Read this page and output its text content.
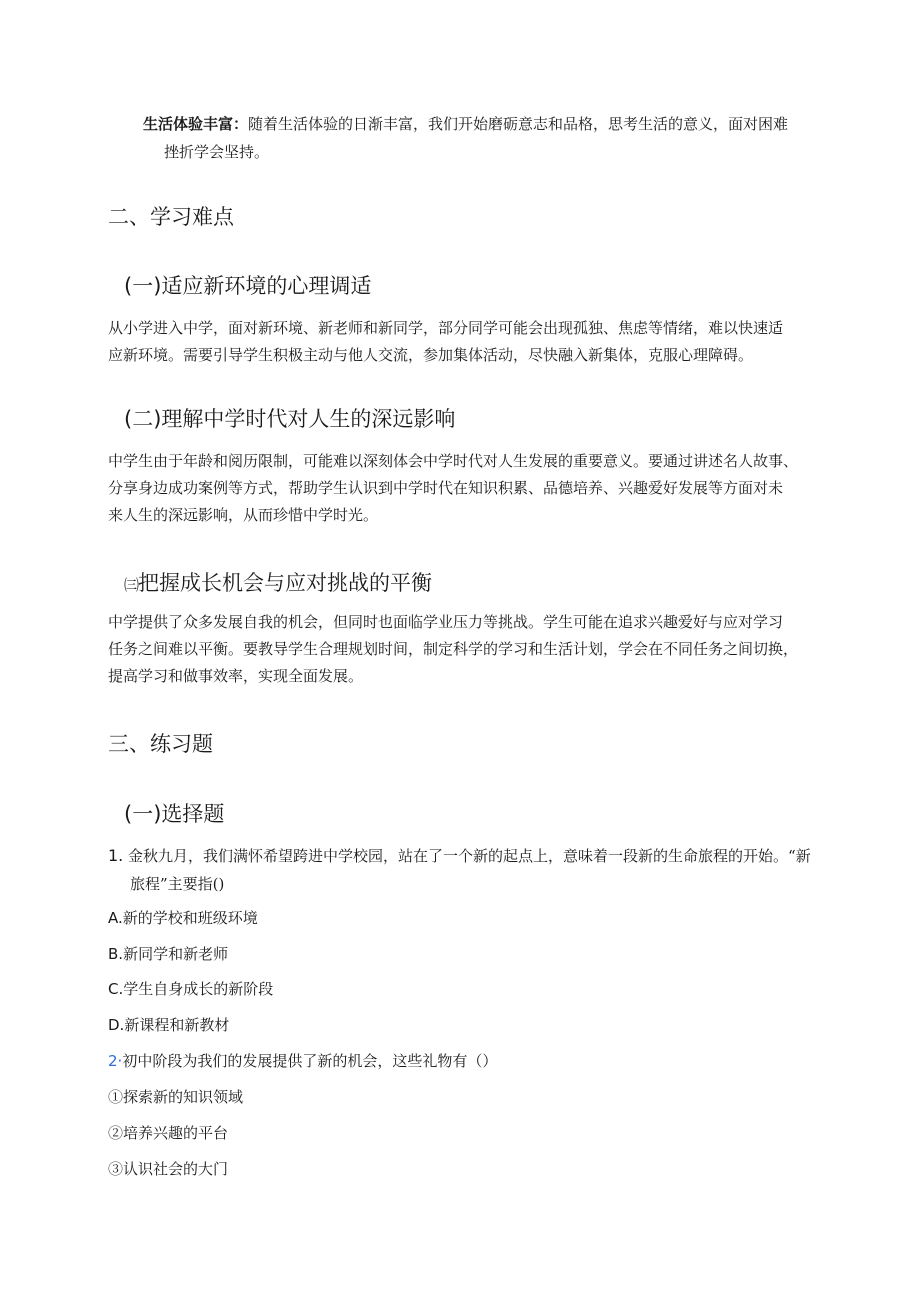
生活体验丰富：随着生活体验的日渐丰富，我们开始磨砺意志和品格，思考生活的意义，面对困难
挫折学会坚持。
二、学习难点
(一)适应新环境的心理调适
从小学进入中学，面对新环境、新老师和新同学，部分同学可能会出现孤独、焦虑等情绪，难以快速适
应新环境。需要引导学生积极主动与他人交流，参加集体活动，尽快融入新集体，克服心理障碍。
(二)理解中学时代对人生的深远影响
中学生由于年龄和阅历限制，可能难以深刻体会中学时代对人生发展的重要意义。要通过讲述名人故事、
分享身边成功案例等方式，帮助学生认识到中学时代在知识积累、品德培养、兴趣爱好发展等方面对未
来人生的深远影响，从而珍惜中学时光。
㈢把握成长机会与应对挑战的平衡
中学提供了众多发展自我的机会，但同时也面临学业压力等挑战。学生可能在追求兴趣爱好与应对学习
任务之间难以平衡。要教导学生合理规划时间，制定科学的学习和生活计划，学会在不同任务之间切换，
提高学习和做事效率，实现全面发展。
三、练习题
(一)选择题
1. 金秋九月，我们满怀希望跨进中学校园，站在了一个新的起点上，意味着一段新的生命旅程的开始。“新
旅程”主要指()
A.新的学校和班级环境
B.新同学和新老师
C.学生自身成长的新阶段
D.新课程和新教材
2·初中阶段为我们的发展提供了新的机会，这些礼物有（）
①探索新的知识领域
②培养兴趣的平台
③认识社会的大门
